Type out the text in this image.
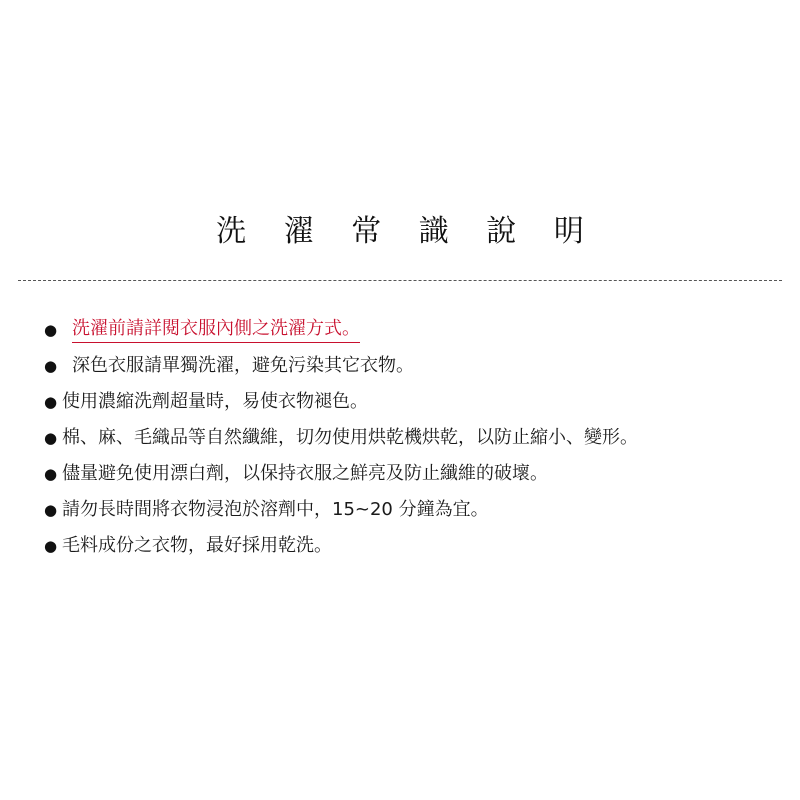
洗 濯 常 識 說 明
● 洗濯前請詳閱衣服內側之洗濯方式。
● 深色衣服請單獨洗濯，避免污染其它衣物。
● 使用濃縮洗劑超量時，易使衣物褪色。
● 棉、麻、毛織品等自然纖維，切勿使用烘乾機烘乾，以防止縮小、變形。
● 儘量避免使用漂白劑，以保持衣服之鮮亮及防止纖維的破壞。
● 請勿長時間將衣物浸泡於溶劑中，15~20 分鐘為宜。
● 毛料成份之衣物，最好採用乾洗。
